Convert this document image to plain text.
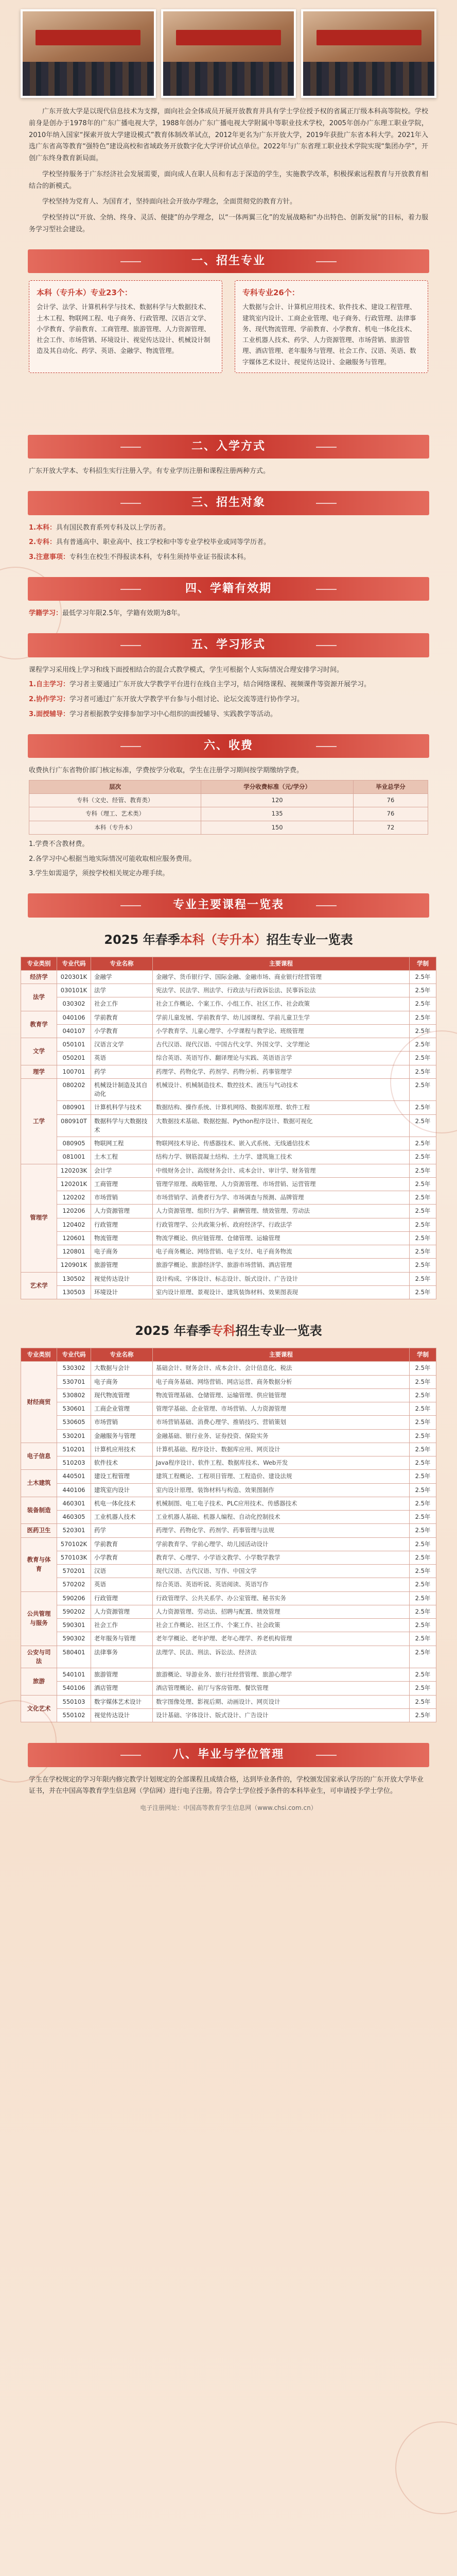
广东开放大学是以现代信息技术为支撑，面向社会全体成员开展开放教育并具有学士学位授予权的省属正厅级本科高等院校。学校前身是创办于1978年的广东广播电视大学，1988年创办广东广播电视大学附属中等职业技术学校，2005年创办广东理工职业学院，2010年纳入国家“探索开放大学建设模式”教育体制改革试点，2012年更名为广东开放大学，2019年获批广东省本科大学。2021年入选广东省高等教育“强特色”建设高校和省域政务开放数字化大学评价试点单位。2022年与广东省理工职业技术学院实现“集团办学”，开创广东终身教育新局面。

学校坚持服务于广东经济社会发展需要，面向成人在职人员和有志于深造的学生，实施教学改革，积极探索远程教育与开放教育相结合的新模式。

学校坚持为党育人、为国育才，坚持面向社会开放办学理念，全面贯彻党的教育方针。

学校坚持以“开放、全纳、终身、灵活、便捷”的办学理念，以“一体两翼三化”的发展战略和“办出特色、创新发展”的目标，着力服务学习型社会建设。

一、招生专业
本科（专升本）专业23个：

会计学、法学、计算机科学与技术、数据科学与大数据技术、土木工程、物联网工程、电子商务、行政管理、汉语言文学、小学教育、学前教育、工商管理、旅游管理、人力资源管理、社会工作、市场营销、环境设计、视觉传达设计、机械设计制造及其自动化、药学、英语、金融学、物流管理。

专科专业26个：

大数据与会计、计算机应用技术、软件技术、建设工程管理、建筑室内设计、工商企业管理、电子商务、行政管理、法律事务、现代物流管理、学前教育、小学教育、机电一体化技术、工业机器人技术、药学、人力资源管理、市场营销、旅游管理、酒店管理、老年服务与管理、社会工作、汉语、英语、数字媒体艺术设计、视觉传达设计、金融服务与管理。

二、入学方式

广东开放大学本、专科招生实行注册入学。有专业学历注册和课程注册两种方式。

三、招生对象

1.本科：具有国民教育系列专科及以上学历者。

2.专科：具有普通高中、职业高中、技工学校和中等专业学校毕业或同等学历者。

3.注意事项：专科生在校生不得报读本科，专科生须持毕业证书报读本科。

四、学籍有效期

学籍学习：最低学习年限2.5年，学籍有效期为8年。

五、学习形式

课程学习采用线上学习和线下面授相结合的混合式教学模式，学生可根据个人实际情况合理安排学习时间。

1.自主学习：学习者主要通过广东开放大学教学平台进行在线自主学习，结合网络课程、视频课件等资源开展学习。

2.协作学习：学习者可通过广东开放大学教学平台参与小组讨论、论坛交流等进行协作学习。

3.面授辅导：学习者根据教学安排参加学习中心组织的面授辅导、实践教学等活动。

六、收费

收费执行广东省物价部门核定标准，学费按学分收取，学生在注册学习期间按学期缴纳学费。

层次	学分收费标准（元/学分）	毕业总学分
专科（文史、经管、教育类）	120	76
专科（理工、艺术类）	135	76
本科（专升本）	150	72

1.学费不含教材费。

2.各学习中心根据当地实际情况可能收取相应服务费用。

3.学生如需退学，须按学校相关规定办理手续。

专业主要课程一览表
2025 年春季本科（专升本）招生专业一览表
专业类别	专业代码	专业名称	主要课程	学制
经济学	020301K	金融学	金融学、货币银行学、国际金融、金融市场、商业银行经营管理	2.5年
法学	030101K	法学	宪法学、民法学、刑法学、行政法与行政诉讼法、民事诉讼法	2.5年
	030302	社会工作	社会工作概论、个案工作、小组工作、社区工作、社会政策	2.5年
教育学	040106	学前教育	学前儿童发展、学前教育学、幼儿园课程、学前儿童卫生学	2.5年
	040107	小学教育	小学教育学、儿童心理学、小学课程与教学论、班级管理	2.5年
文学	050101	汉语言文学	古代汉语、现代汉语、中国古代文学、外国文学、文学理论	2.5年
	050201	英语	综合英语、英语写作、翻译理论与实践、英语语言学	2.5年
理学	100701	药学	药理学、药物化学、药剂学、药物分析、药事管理学	2.5年
工学	080202	机械设计制造及其自动化	机械设计、机械制造技术、数控技术、液压与气动技术	2.5年
	080901	计算机科学与技术	数据结构、操作系统、计算机网络、数据库原理、软件工程	2.5年
	080910T	数据科学与大数据技术	大数据技术基础、数据挖掘、Python程序设计、数据可视化	2.5年
	080905	物联网工程	物联网技术导论、传感器技术、嵌入式系统、无线通信技术	2.5年
	081001	土木工程	结构力学、钢筋混凝土结构、土力学、建筑施工技术	2.5年
管理学	120203K	会计学	中级财务会计、高级财务会计、成本会计、审计学、财务管理	2.5年
	120201K	工商管理	管理学原理、战略管理、人力资源管理、市场营销、运营管理	2.5年
	120202	市场营销	市场营销学、消费者行为学、市场调查与预测、品牌管理	2.5年
	120206	人力资源管理	人力资源管理、组织行为学、薪酬管理、绩效管理、劳动法	2.5年
	120402	行政管理	行政管理学、公共政策分析、政府经济学、行政法学	2.5年
	120601	物流管理	物流学概论、供应链管理、仓储管理、运输管理	2.5年
	120801	电子商务	电子商务概论、网络营销、电子支付、电子商务物流	2.5年
	120901K	旅游管理	旅游学概论、旅游经济学、旅游市场营销、酒店管理	2.5年
艺术学	130502	视觉传达设计	设计构成、字体设计、标志设计、版式设计、广告设计	2.5年
	130503	环境设计	室内设计原理、景观设计、建筑装饰材料、效果图表现	2.5年
2025 年春季专科招生专业一览表
专业类别	专业代码	专业名称	主要课程	学制
财经商贸	530302	大数据与会计	基础会计、财务会计、成本会计、会计信息化、税法	2.5年
	530701	电子商务	电子商务基础、网络营销、网店运营、商务数据分析	2.5年
	530802	现代物流管理	物流管理基础、仓储管理、运输管理、供应链管理	2.5年
	530601	工商企业管理	管理学基础、企业管理、市场营销、人力资源管理	2.5年
	530605	市场营销	市场营销基础、消费心理学、推销技巧、营销策划	2.5年
	530201	金融服务与管理	金融基础、银行业务、证券投资、保险实务	2.5年
电子信息	510201	计算机应用技术	计算机基础、程序设计、数据库应用、网页设计	2.5年
	510203	软件技术	Java程序设计、软件工程、数据库技术、Web开发	2.5年
土木建筑	440501	建设工程管理	建筑工程概论、工程项目管理、工程造价、建设法规	2.5年
	440106	建筑室内设计	室内设计原理、装饰材料与构造、效果图制作	2.5年
装备制造	460301	机电一体化技术	机械制图、电工电子技术、PLC应用技术、传感器技术	2.5年
	460305	工业机器人技术	工业机器人基础、机器人编程、自动化控制技术	2.5年
医药卫生	520301	药学	药理学、药物化学、药剂学、药事管理与法规	2.5年
教育与体育	570102K	学前教育	学前教育学、学前心理学、幼儿园活动设计	2.5年
	570103K	小学教育	教育学、心理学、小学语文教学、小学数学教学	2.5年
	570201	汉语	现代汉语、古代汉语、写作、中国文学	2.5年
	570202	英语	综合英语、英语听说、英语阅读、英语写作	2.5年
公共管理与服务	590206	行政管理	行政管理学、公共关系学、办公室管理、秘书实务	2.5年
	590202	人力资源管理	人力资源管理、劳动法、招聘与配置、绩效管理	2.5年
	590301	社会工作	社会工作概论、社区工作、个案工作、社会政策	2.5年
	590302	老年服务与管理	老年学概论、老年护理、老年心理学、养老机构管理	2.5年
公安与司法	580401	法律事务	法理学、民法、刑法、诉讼法、经济法	2.5年
旅游	540101	旅游管理	旅游概论、导游业务、旅行社经营管理、旅游心理学	2.5年
	540106	酒店管理	酒店管理概论、前厅与客房管理、餐饮管理	2.5年
文化艺术	550103	数字媒体艺术设计	数字图像处理、影视后期、动画设计、网页设计	2.5年
	550102	视觉传达设计	设计基础、字体设计、版式设计、广告设计	2.5年
八、毕业与学位管理

学生在学校规定的学习年限内修完教学计划规定的全部课程且成绩合格，达到毕业条件的，学校颁发国家承认学历的广东开放大学毕业证书，并在中国高等教育学生信息网（学信网）进行电子注册。符合学士学位授予条件的本科毕业生，可申请授予学士学位。

电子注册网址：中国高等教育学生信息网（www.chsi.com.cn）
